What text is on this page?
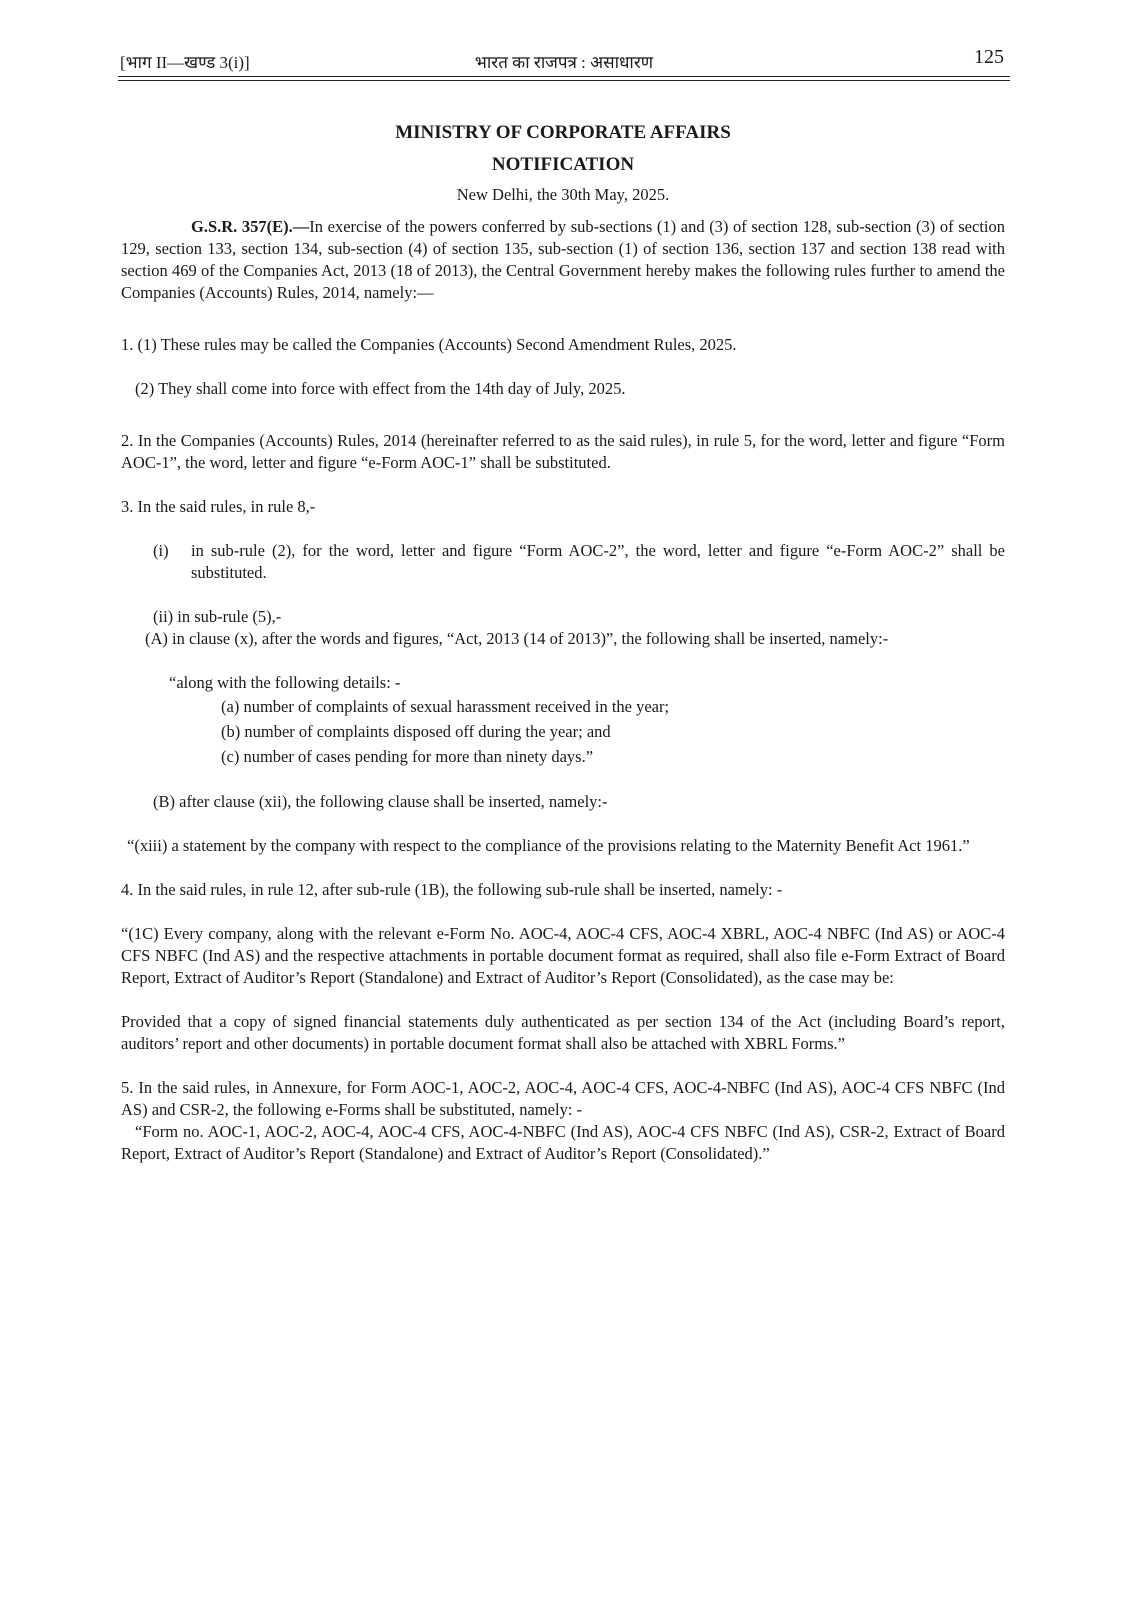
[भाग II—खण्ड 3(i)]	भारत का राजपत्र : असाधारण	125
MINISTRY OF CORPORATE AFFAIRS
NOTIFICATION
New Delhi, the 30th May, 2025.

G.S.R. 357(E).—In exercise of the powers conferred by sub-sections (1) and (3) of section 128, sub-section (3) of section 129, section 133, section 134, sub-section (4) of section 135, sub-section (1) of section 136, section 137 and section 138 read with section 469 of the Companies Act, 2013 (18 of 2013), the Central Government hereby makes the following rules further to amend the Companies (Accounts) Rules, 2014, namely:—

1. (1) These rules may be called the Companies (Accounts) Second Amendment Rules, 2025.

(2) They shall come into force with effect from the 14th day of July, 2025.

2. In the Companies (Accounts) Rules, 2014 (hereinafter referred to as the said rules), in rule 5, for the word, letter and figure “Form AOC-1”, the word, letter and figure “e-Form AOC-1” shall be substituted.

3. In the said rules, in rule 8,-

(i) in sub-rule (2), for the word, letter and figure “Form AOC-2”, the word, letter and figure “e-Form AOC-2” shall be substituted.

(ii) in sub-rule (5),-

(A) in clause (x), after the words and figures, “Act, 2013 (14 of 2013)”, the following shall be inserted, namely:-

“along with the following details: -

(a) number of complaints of sexual harassment received in the year;

(b) number of complaints disposed off during the year; and

(c) number of cases pending for more than ninety days.”

(B) after clause (xii), the following clause shall be inserted, namely:-

“(xiii) a statement by the company with respect to the compliance of the provisions relating to the Maternity Benefit Act 1961.”

4. In the said rules, in rule 12, after sub-rule (1B), the following sub-rule shall be inserted, namely: -

“(1C) Every company, along with the relevant e-Form No. AOC-4, AOC-4 CFS, AOC-4 XBRL, AOC-4 NBFC (Ind AS) or AOC-4 CFS NBFC (Ind AS) and the respective attachments in portable document format as required, shall also file e-Form Extract of Board Report, Extract of Auditor’s Report (Standalone) and Extract of Auditor’s Report (Consolidated), as the case may be:

Provided that a copy of signed financial statements duly authenticated as per section 134 of the Act (including Board’s report, auditors’ report and other documents) in portable document format shall also be attached with XBRL Forms.”

5. In the said rules, in Annexure, for Form AOC-1, AOC-2, AOC-4, AOC-4 CFS, AOC-4-NBFC (Ind AS), AOC-4 CFS NBFC (Ind AS) and CSR-2, the following e-Forms shall be substituted, namely: -

“Form no. AOC-1, AOC-2, AOC-4, AOC-4 CFS, AOC-4-NBFC (Ind AS), AOC-4 CFS NBFC (Ind AS), CSR-2, Extract of Board Report, Extract of Auditor’s Report (Standalone) and Extract of Auditor’s Report (Consolidated).”
